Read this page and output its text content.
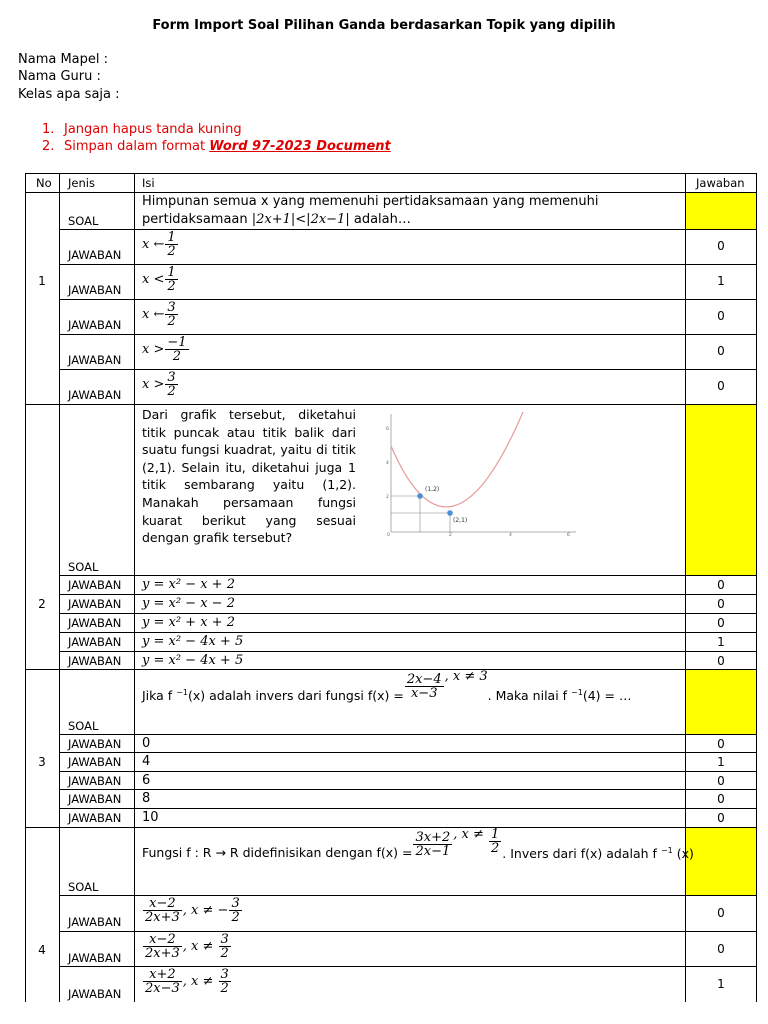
Form Import Soal Pilihan Ganda berdasarkan Topik yang dipilih
Nama Mapel :
Nama Guru :
Kelas apa saja :
1. Jangan hapus tanda kuning
2. Simpan dalam format Word 97-2023 Document
No Jenis	Isi	Jawaban
1
SOAL
Himpunan semua x yang memenuhi pertidaksamaan yang memenuhi
pertidaksamaan |2x+1|<|2x−1| adalah…
JAWABAN
x ← $\frac{1}{2}$	0
JAWABAN
$x < \frac{1}{2}$	1
JAWABAN
x ← $\frac{3}{2}$	0
JAWABAN
$x > \frac{-1}{2}$	0
JAWABAN
$x > \frac{3}{2}$	0
2
SOAL
Dari grafik tersebut, diketahui titik puncak atau titik balik dari suatu fungsi kuadrat, yaitu di titik (2,1). Selain itu, diketahui juga 1 titik sembarang yaitu (1,2). Manakah persamaan fungsi kuarat berikut yang sesuai dengan grafik tersebut?
(1,2)
(2,1)
0	2	4	6
2
4
6
JAWABAN y = x² − x + 2	0
JAWABAN y = x² − x − 2	0
JAWABAN y = x² + x + 2	0
JAWABAN y = x² − 4x + 5	1
JAWABAN y = x² − 4x + 5	0
3
SOAL
Jika f $^{-1}$(x) adalah invers dari fungsi $f(x) = \frac{2x-4}{x-3}$ , x ≠ 3. Maka nilai f $^{-1}$(4) = …
JAWABAN 0	0
JAWABAN 4	1
JAWABAN 6	0
JAWABAN 8	0
JAWABAN 10	0
4
SOAL
Fungsi f : R → R didefinisikan dengan $f(x) = \frac{3x+2}{2x-1}$ , $x \ne \frac{1}{2}$ . Invers dari f(x) adalah f $^{-1}$ (x)
JAWABAN $\frac{x-2}{2x+3}$ , x ≠ − $\frac{3}{2}$	0
JAWABAN $\frac{x-2}{2x+3}$ , $x \ne \frac{3}{2}$	0
JAWABAN $\frac{x+2}{2x-3}$ , $x \ne \frac{3}{2}$	1
